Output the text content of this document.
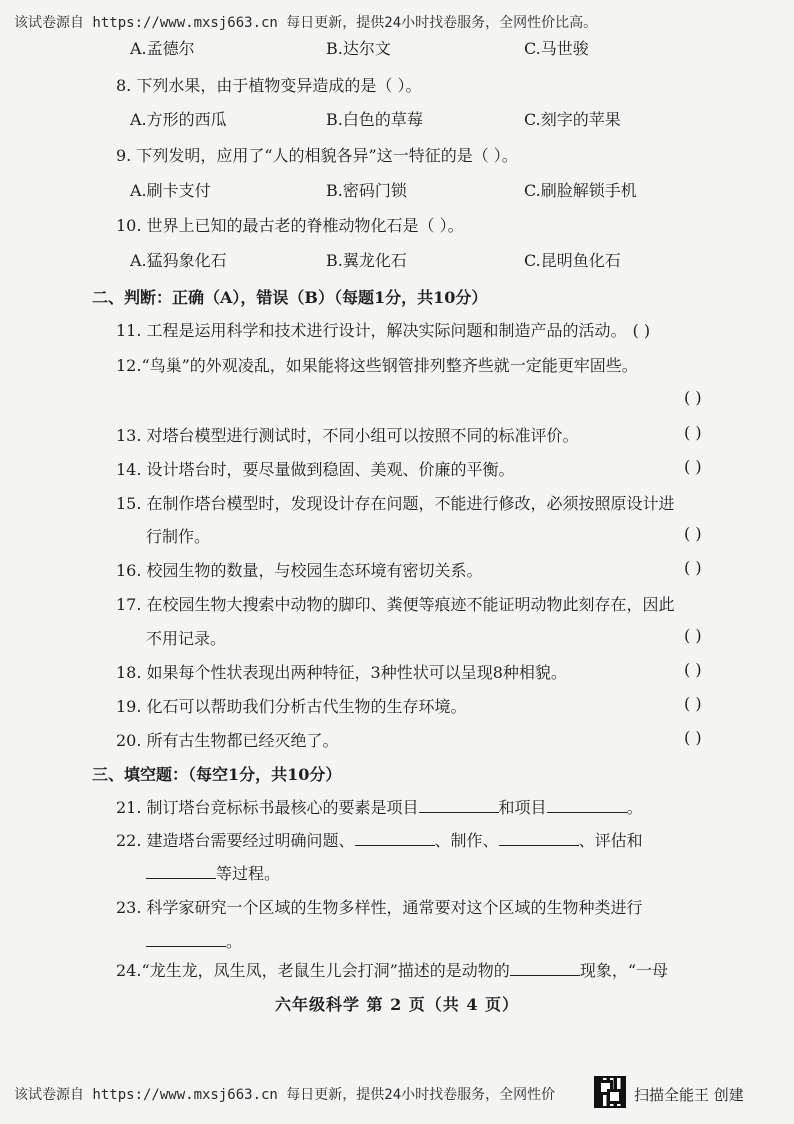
该试卷源自 https://www.mxsj663.cn 每日更新，提供24小时找卷服务，全网性价比高。
A.孟德尔	B.达尔文	C.马世骏
8. 下列水果，由于植物变异造成的是（ ）。
A.方形的西瓜	B.白色的草莓	C.刻字的苹果
9. 下列发明，应用了“人的相貌各异”这一特征的是（ ）。
A.刷卡支付	B.密码门锁	C.刷脸解锁手机
10. 世界上已知的最古老的脊椎动物化石是（ ）。
A.猛犸象化石	B.翼龙化石	C.昆明鱼化石
二、判断：正确（A），错误（B）（每题1分，共10分）
11. 工程是运用科学和技术进行设计，解决实际问题和制造产品的活动。 ( )
12.“鸟巢”的外观凌乱，如果能将这些钢管排列整齐些就一定能更牢固些。
( )
13. 对塔台模型进行测试时，不同小组可以按照不同的标准评价。	( )
14. 设计塔台时，要尽量做到稳固、美观、价廉的平衡。	( )
15. 在制作塔台模型时，发现设计存在问题，不能进行修改，必须按照原设计进
行制作。	( )
16. 校园生物的数量，与校园生态环境有密切关系。	( )
17. 在校园生物大搜索中动物的脚印、粪便等痕迹不能证明动物此刻存在，因此
不用记录。	( )
18. 如果每个性状表现出两种特征，3种性状可以呈现8种相貌。	( )
19. 化石可以帮助我们分析古代生物的生存环境。	( )
20. 所有古生物都已经灭绝了。	( )
三、填空题：（每空1分，共10分）
21. 制订塔台竞标标书最核心的要素是项目	和项目	。
22. 建造塔台需要经过明确问题、	、制作、	、评估和
等过程。
23. 科学家研究一个区域的生物多样性，通常要对这个区域的生物种类进行
。
24.“龙生龙，凤生凤，老鼠生儿会打洞”描述的是动物的	现象，“一母
六年级科学 第 2 页（共 4 页）
该试卷源自 https://www.mxsj663.cn 每日更新，提供24小时找卷服务，全网性价	扫描全能王 创建
